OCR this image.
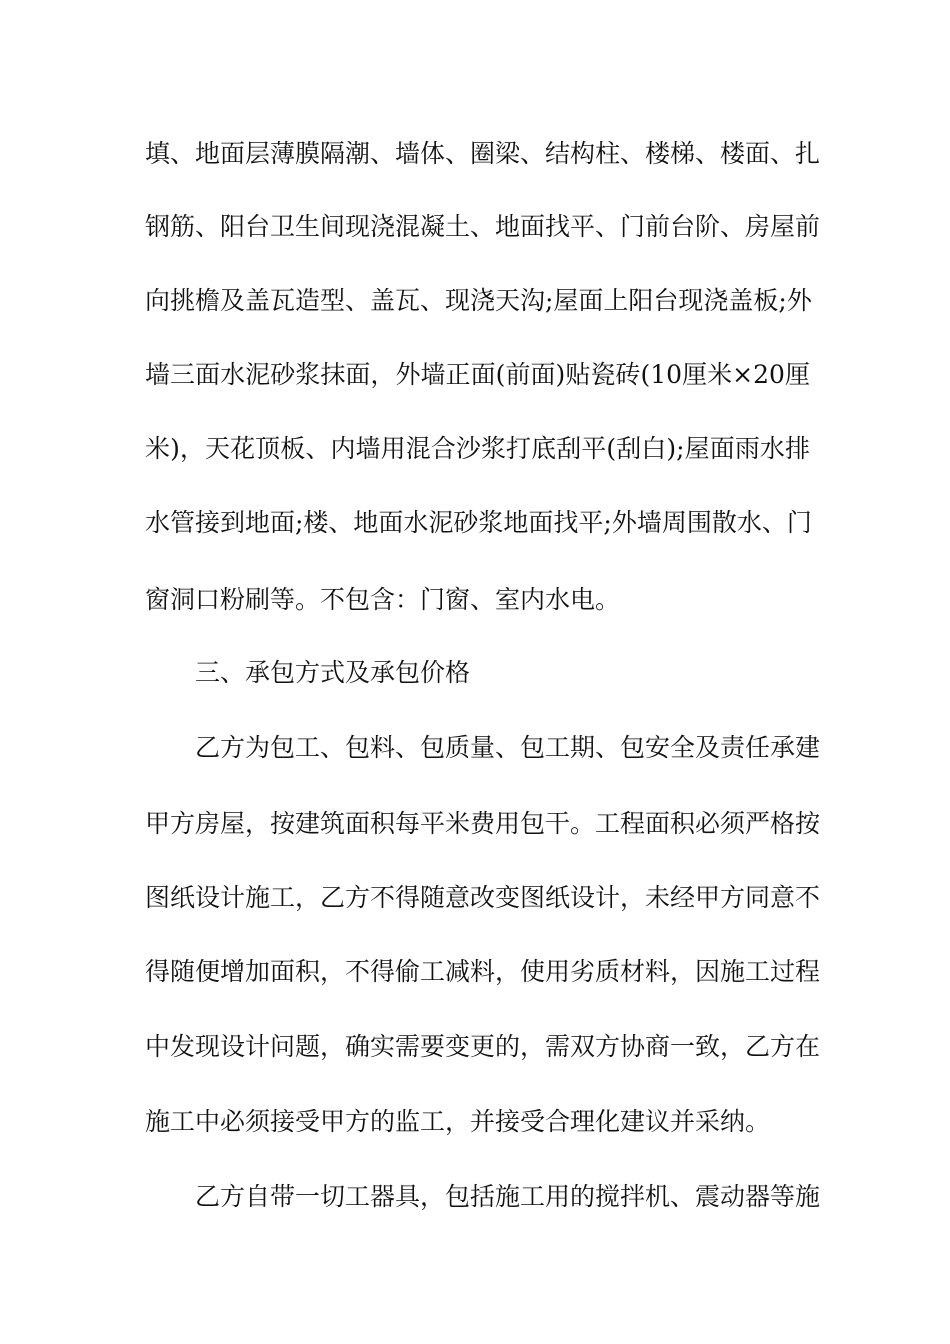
填、地面层薄膜隔潮、墙体、圈梁、结构柱、楼梯、楼面、扎
钢筋、阳台卫生间现浇混凝土、地面找平、门前台阶、房屋前
向挑檐及盖瓦造型、盖瓦、现浇天沟;屋面上阳台现浇盖板;外
墙三面水泥砂浆抹面，外墙正面(前面)贴瓷砖(10厘米×20厘
米)，天花顶板、内墙用混合沙浆打底刮平(刮白);屋面雨水排
水管接到地面;楼、地面水泥砂浆地面找平;外墙周围散水、门
窗洞口粉刷等。不包含：门窗、室内水电。
三、承包方式及承包价格
乙方为包工、包料、包质量、包工期、包安全及责任承建
甲方房屋，按建筑面积每平米费用包干。工程面积必须严格按
图纸设计施工，乙方不得随意改变图纸设计，未经甲方同意不
得随便增加面积，不得偷工减料，使用劣质材料，因施工过程
中发现设计问题，确实需要变更的，需双方协商一致，乙方在
施工中必须接受甲方的监工，并接受合理化建议并采纳。
乙方自带一切工器具，包括施工用的搅拌机、震动器等施
